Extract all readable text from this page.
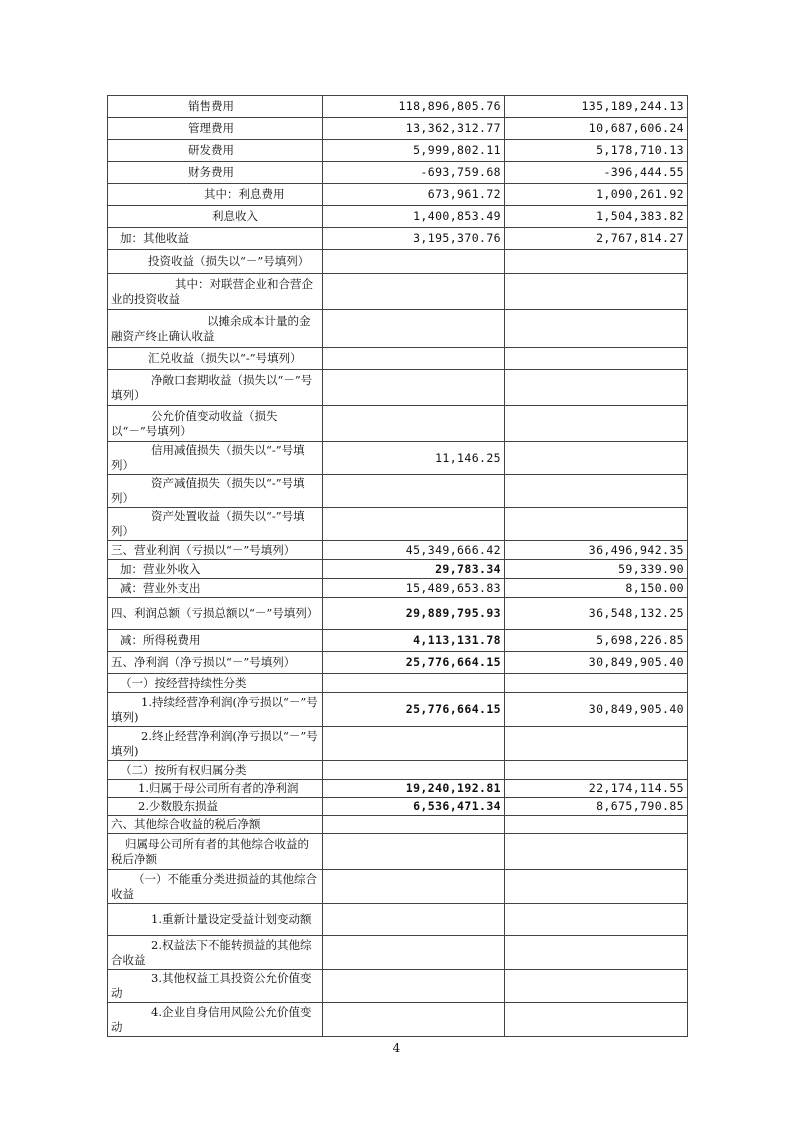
销售费用	118,896,805.76	135,189,244.13
管理费用	13,362,312.77	10,687,606.24
研发费用	5,999,802.11	5,178,710.13
财务费用	-693,759.68	-396,444.55
其中：利息费用	673,961.72	1,090,261.92
利息收入	1,400,853.49	1,504,383.82
加：其他收益	3,195,370.76	2,767,814.27
投资收益（损失以“－”号填列）		
其中：对联营企业和合营企业的投资收益		
以摊余成本计量的金融资产终止确认收益		
汇兑收益（损失以“-”号填列）		
净敞口套期收益（损失以“－”号填列）		
公允价值变动收益（损失以“－”号填列）		
信用减值损失（损失以“-”号填列）	11,146.25	
资产减值损失（损失以“-”号填列）		
资产处置收益（损失以“-”号填列）		
三、营业利润（亏损以“－”号填列）	45,349,666.42	36,496,942.35
加：营业外收入	29,783.34	59,339.90
减：营业外支出	15,489,653.83	8,150.00
四、利润总额（亏损总额以“－”号填列）	29,889,795.93	36,548,132.25
减：所得税费用	4,113,131.78	5,698,226.85
五、净利润（净亏损以“－”号填列）	25,776,664.15	30,849,905.40
（一）按经营持续性分类		
1.持续经营净利润(净亏损以“－”号填列)	25,776,664.15	30,849,905.40
2.终止经营净利润(净亏损以“－”号填列)		
（二）按所有权归属分类		
1.归属于母公司所有者的净利润	19,240,192.81	22,174,114.55
2.少数股东损益	6,536,471.34	8,675,790.85
六、其他综合收益的税后净额		
归属母公司所有者的其他综合收益的税后净额		
（一）不能重分类进损益的其他综合收益		
1.重新计量设定受益计划变动额		
2.权益法下不能转损益的其他综合收益		
3.其他权益工具投资公允价值变动		
4.企业自身信用风险公允价值变动		
4
